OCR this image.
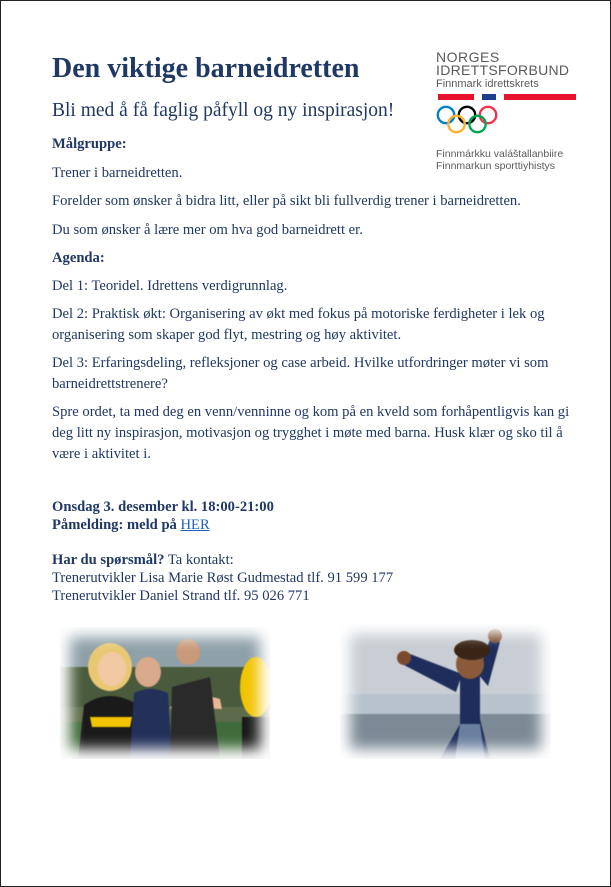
Den viktige barneidretten
Bli med å få faglig påfyll og ny inspirasjon!
NORGES
IDRETTSFORBUND
Finnmark idrettskrets
Finnmárkku valáštallanbiire
Finnmarkun sporttiyhistys
Målgruppe:
Trener i barneidretten.
Forelder som ønsker å bidra litt, eller på sikt bli fullverdig trener i barneidretten.
Du som ønsker å lære mer om hva god barneidrett er.
Agenda:
Del 1: Teoridel. Idrettens verdigrunnlag.
Del 2: Praktisk økt: Organisering av økt med fokus på motoriske ferdigheter i lek og organisering som skaper god flyt, mestring og høy aktivitet.
Del 3: Erfaringsdeling, refleksjoner og case arbeid. Hvilke utfordringer møter vi som barneidrettstrenere?
Spre ordet, ta med deg en venn/venninne og kom på en kveld som forhåpentligvis kan gi deg litt ny inspirasjon, motivasjon og trygghet i møte med barna. Husk klær og sko til å være i aktivitet i.
Onsdag 3. desember kl. 18:00-21:00
Påmelding: meld på HER
Har du spørsmål? Ta kontakt:
Trenerutvikler Lisa Marie Røst Gudmestad tlf. 91 599 177
Trenerutvikler Daniel Strand tlf. 95 026 771
